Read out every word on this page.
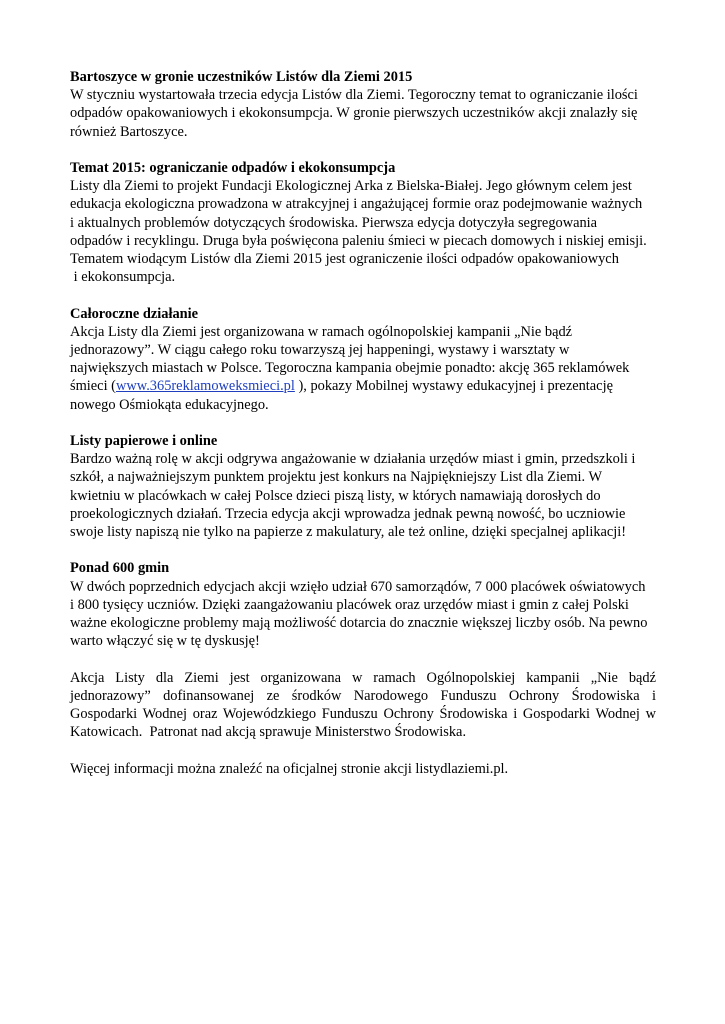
Bartoszyce w gronie uczestników Listów dla Ziemi 2015
W styczniu wystartowała trzecia edycja Listów dla Ziemi. Tegoroczny temat to ograniczanie ilości
odpadów opakowaniowych i ekokonsumpcja. W gronie pierwszych uczestników akcji znalazły się
również Bartoszyce.
Temat 2015: ograniczanie odpadów i ekokonsumpcja
Listy dla Ziemi to projekt Fundacji Ekologicznej Arka z Bielska-Białej. Jego głównym celem jest
edukacja ekologiczna prowadzona w atrakcyjnej i angażującej formie oraz podejmowanie ważnych
i aktualnych problemów dotyczących środowiska. Pierwsza edycja dotyczyła segregowania
odpadów i recyklingu. Druga była poświęcona paleniu śmieci w piecach domowych i niskiej emisji.
Tematem wiodącym Listów dla Ziemi 2015 jest ograniczenie ilości odpadów opakowaniowych
i ekokonsumpcja.
Całoroczne działanie
Akcja Listy dla Ziemi jest organizowana w ramach ogólnopolskiej kampanii „Nie bądź
jednorazowy”. W ciągu całego roku towarzyszą jej happeningi, wystawy i warsztaty w
największych miastach w Polsce. Tegoroczna kampania obejmie ponadto: akcję 365 reklamówek
śmieci (www.365reklamoweksmieci.pl ), pokazy Mobilnej wystawy edukacyjnej i prezentację
nowego Ośmiokąta edukacyjnego.
Listy papierowe i online
Bardzo ważną rolę w akcji odgrywa angażowanie w działania urzędów miast i gmin, przedszkoli i
szkół, a najważniejszym punktem projektu jest konkurs na Najpiękniejszy List dla Ziemi. W
kwietniu w placówkach w całej Polsce dzieci piszą listy, w których namawiają dorosłych do
proekologicznych działań. Trzecia edycja akcji wprowadza jednak pewną nowość, bo uczniowie
swoje listy napiszą nie tylko na papierze z makulatury, ale też online, dzięki specjalnej aplikacji!
Ponad 600 gmin
W dwóch poprzednich edycjach akcji wzięło udział 670 samorządów, 7 000 placówek oświatowych
i 800 tysięcy uczniów. Dzięki zaangażowaniu placówek oraz urzędów miast i gmin z całej Polski
ważne ekologiczne problemy mają możliwość dotarcia do znacznie większej liczby osób. Na pewno
warto włączyć się w tę dyskusję!
Akcja Listy dla Ziemi jest organizowana w ramach Ogólnopolskiej kampanii „Nie bądź
jednorazowy” dofinansowanej ze środków Narodowego Funduszu Ochrony Środowiska i
Gospodarki Wodnej oraz Wojewódzkiego Funduszu Ochrony Środowiska i Gospodarki Wodnej w
Katowicach.  Patronat nad akcją sprawuje Ministerstwo Środowiska.
Więcej informacji można znaleźć na oficjalnej stronie akcji listydlaziemi.pl.
